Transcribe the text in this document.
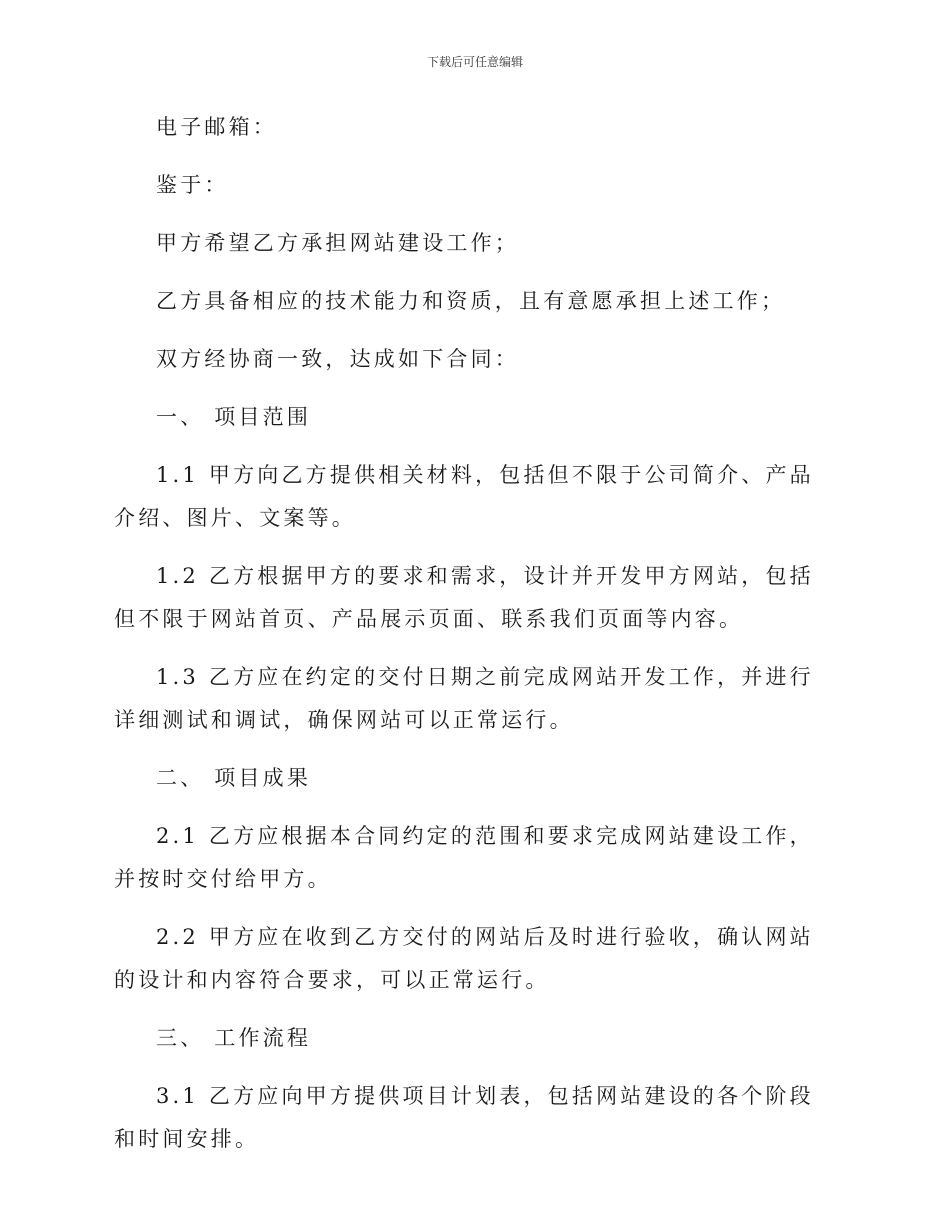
下载后可任意编辑

电子邮箱：

鉴于：

甲方希望乙方承担网站建设工作；

乙方具备相应的技术能力和资质，且有意愿承担上述工作；

双方经协商一致，达成如下合同：

一、 项目范围

1.1 甲方向乙方提供相关材料，包括但不限于公司简介、产品介绍、图片、文案等。

1.2 乙方根据甲方的要求和需求，设计并开发甲方网站，包括但不限于网站首页、产品展示页面、联系我们页面等内容。

1.3 乙方应在约定的交付日期之前完成网站开发工作，并进行详细测试和调试，确保网站可以正常运行。

二、 项目成果

2.1 乙方应根据本合同约定的范围和要求完成网站建设工作，并按时交付给甲方。

2.2 甲方应在收到乙方交付的网站后及时进行验收，确认网站的设计和内容符合要求，可以正常运行。

三、 工作流程

3.1 乙方应向甲方提供项目计划表，包括网站建设的各个阶段和时间安排。
